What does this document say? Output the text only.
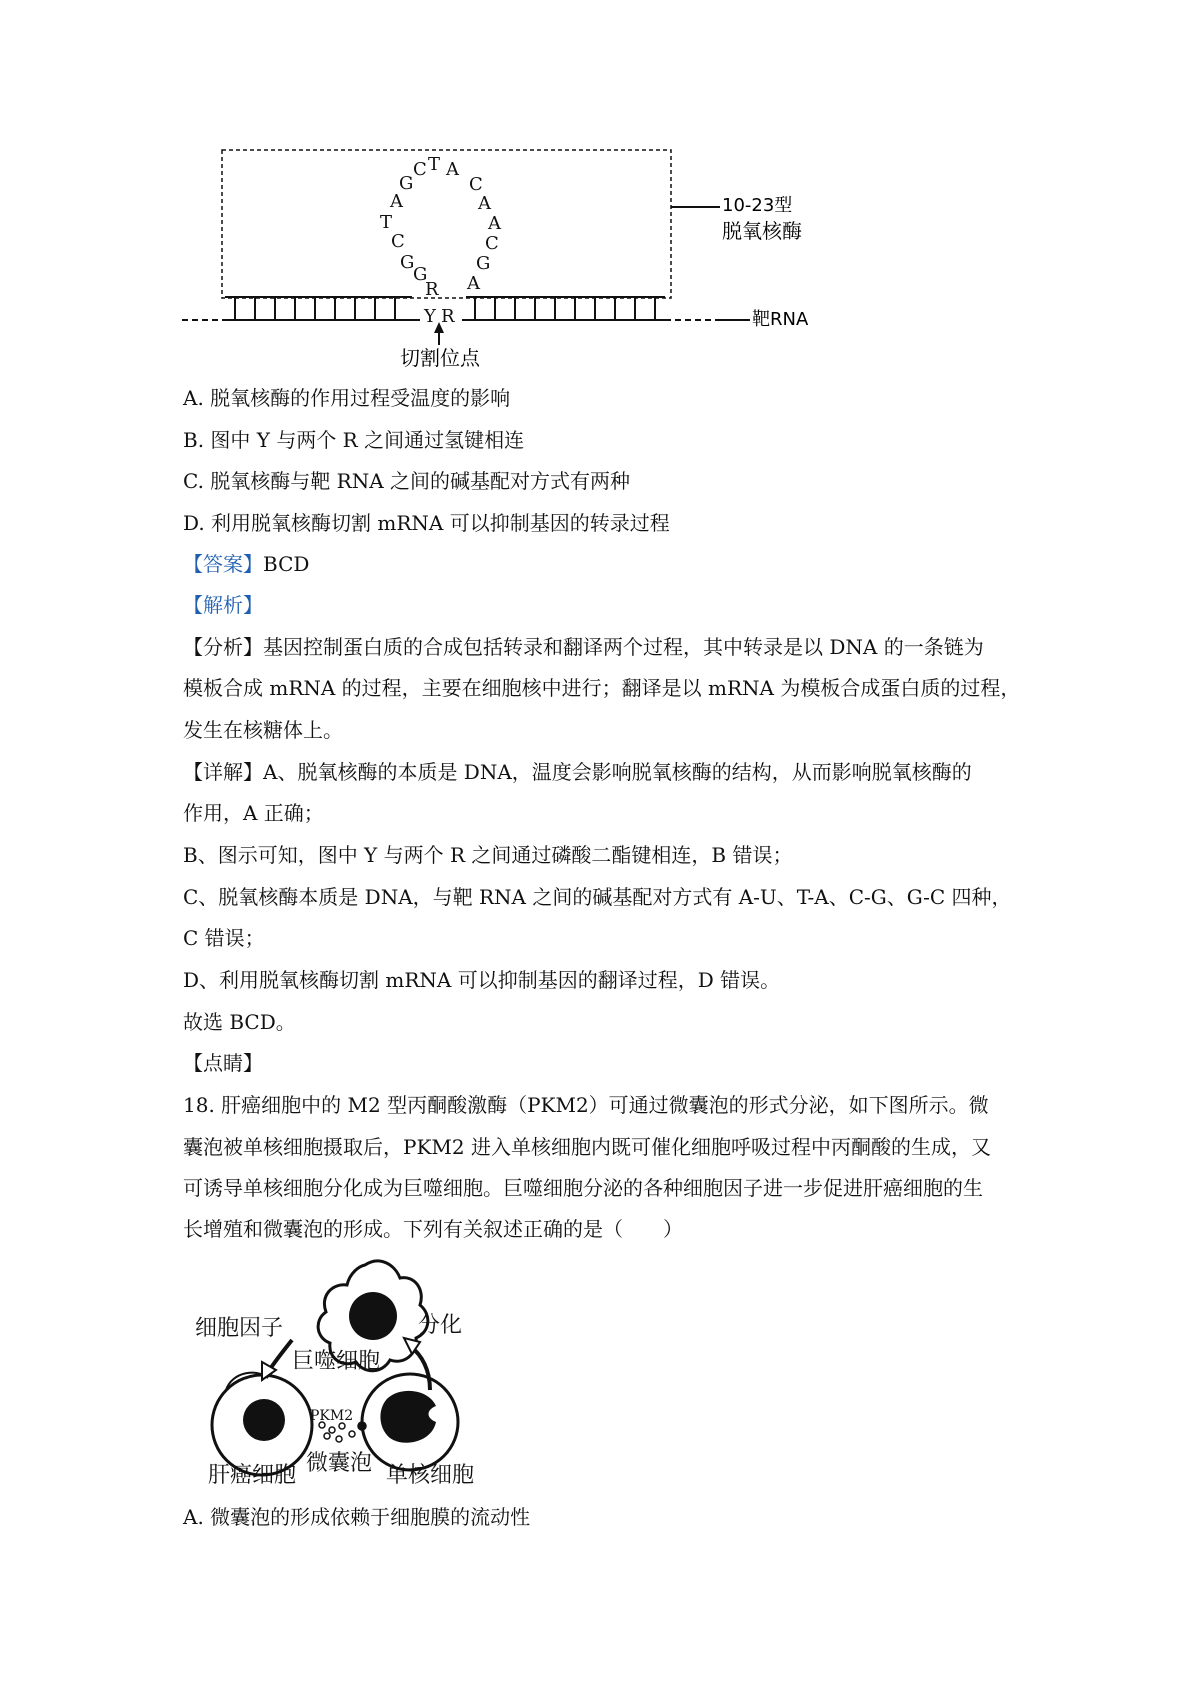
C T A
C
A
A
C
G
A
G
A
T
C
G
G
R
Y R
10-23型
脱氧核酶
靶RNA
切割位点
A. 脱氧核酶的作用过程受温度的影响
B. 图中 Y 与两个 R 之间通过氢键相连
C. 脱氧核酶与靶 RNA 之间的碱基配对方式有两种
D. 利用脱氧核酶切割 mRNA 可以抑制基因的转录过程
【答案】BCD
【解析】
【分析】基因控制蛋白质的合成包括转录和翻译两个过程，其中转录是以 DNA 的一条链为
模板合成 mRNA 的过程，主要在细胞核中进行；翻译是以 mRNA 为模板合成蛋白质的过程，
发生在核糖体上。
【详解】A、脱氧核酶的本质是 DNA，温度会影响脱氧核酶的结构，从而影响脱氧核酶的
作用，A 正确；
B、图示可知，图中 Y 与两个 R 之间通过磷酸二酯键相连，B 错误；
C、脱氧核酶本质是 DNA，与靶 RNA 之间的碱基配对方式有 A-U、T-A、C-G、G-C 四种，
C 错误；
D、利用脱氧核酶切割 mRNA 可以抑制基因的翻译过程，D 错误。
故选 BCD。
【点睛】
18. 肝癌细胞中的 M2 型丙酮酸激酶（PKM2）可通过微囊泡的形式分泌，如下图所示。微
囊泡被单核细胞摄取后，PKM2 进入单核细胞内既可催化细胞呼吸过程中丙酮酸的生成，又
可诱导单核细胞分化成为巨噬细胞。巨噬细胞分泌的各种细胞因子进一步促进肝癌细胞的生
长增殖和微囊泡的形成。下列有关叙述正确的是（　　）
细胞因子	分化
巨噬细胞
肝癌细胞 微囊泡 单核细胞
PKM2
A. 微囊泡的形成依赖于细胞膜的流动性
